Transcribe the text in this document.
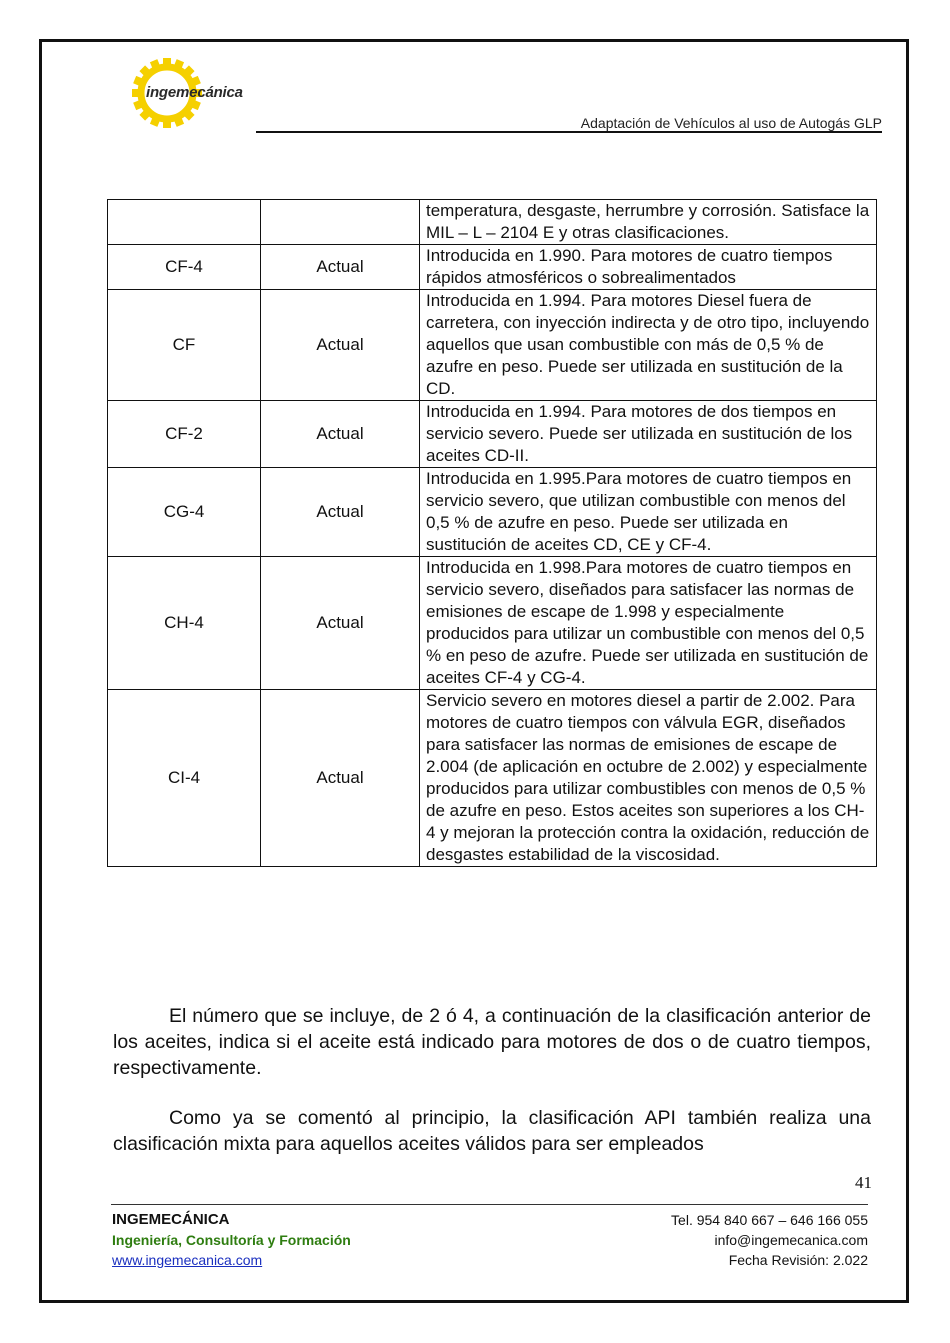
ingemecánica
Adaptación de Vehículos al uso de Autogás GLP
		temperatura, desgaste, herrumbre y corrosión. Satisface la MIL – L – 2104 E y otras clasificaciones.
CF-4	Actual	Introducida en 1.990. Para motores de cuatro tiempos rápidos atmosféricos o sobrealimentados
CF	Actual	Introducida en 1.994. Para motores Diesel fuera de carretera, con inyección indirecta y de otro tipo, incluyendo aquellos que usan combustible con más de 0,5 % de azufre en peso. Puede ser utilizada en sustitución de la CD.
CF-2	Actual	Introducida en 1.994. Para motores de dos tiempos en servicio severo. Puede ser utilizada en sustitución de los aceites CD-II.
CG-4	Actual	Introducida en 1.995.Para motores de cuatro tiempos en servicio severo, que utilizan combustible con menos del 0,5 % de azufre en peso. Puede ser utilizada en sustitución de aceites CD, CE y CF-4.
CH-4	Actual	Introducida en 1.998.Para motores de cuatro tiempos en servicio severo, diseñados para satisfacer las normas de emisiones de escape de 1.998 y especialmente producidos para utilizar un combustible con menos del 0,5 % en peso de azufre. Puede ser utilizada en sustitución de aceites CF-4 y CG-4.
CI-4	Actual	Servicio severo en motores diesel a partir de 2.002. Para motores de cuatro tiempos con válvula EGR, diseñados para satisfacer las normas de emisiones de escape de 2.004 (de aplicación en octubre de 2.002) y especialmente producidos para utilizar combustibles con menos de 0,5 % de azufre en peso. Estos aceites son superiores a los CH-4 y mejoran la protección contra la oxidación, reducción de desgastes estabilidad de la viscosidad.

El número que se incluye, de 2 ó 4, a continuación de la clasificación anterior de los aceites, indica si el aceite está indicado para motores de dos o de cuatro tiempos, respectivamente.

Como ya se comentó al principio, la clasificación API también realiza una clasificación mixta para aquellos aceites válidos para ser empleados

41
INGEMECÁNICA
Ingeniería, Consultoría y Formación
www.ingemecanica.com
Tel. 954 840 667 – 646 166 055
info@ingemecanica.com
Fecha Revisión: 2.022
